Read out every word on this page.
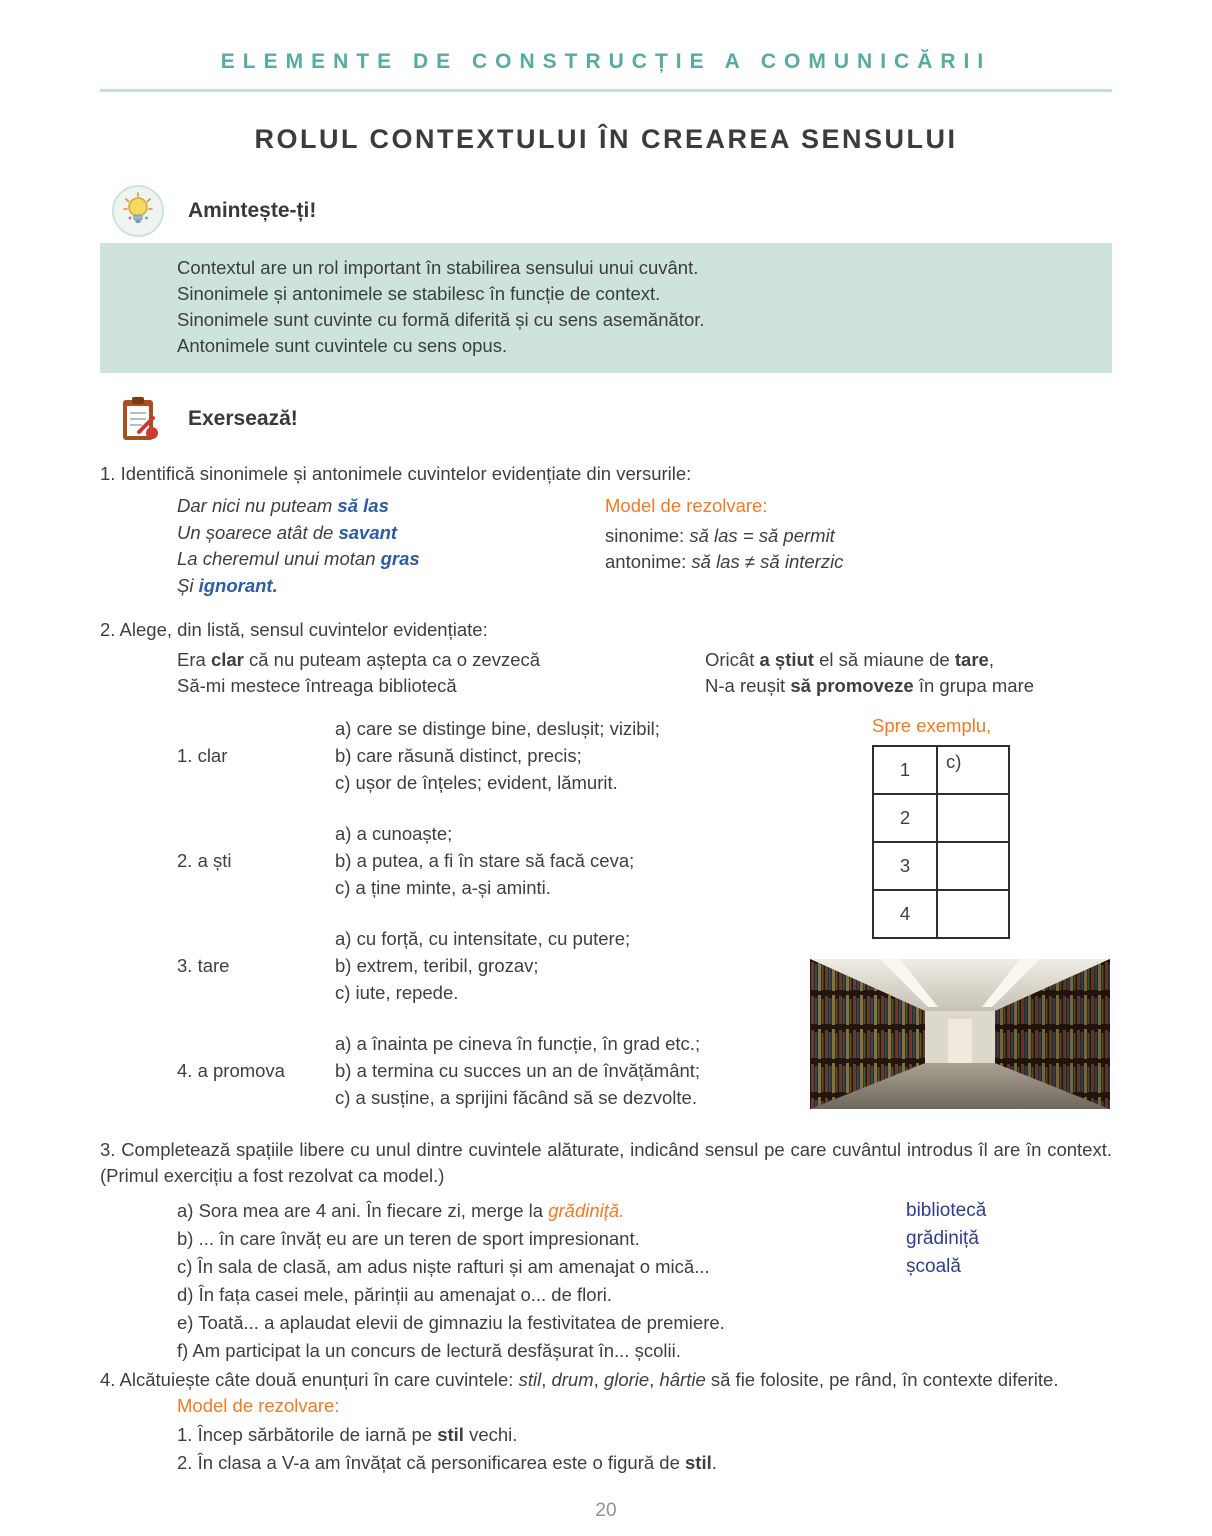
ELEMENTE DE CONSTRUCȚIE A COMUNICĂRII
ROLUL CONTEXTULUI ÎN CREAREA SENSULUI
Amintește-ți!
Contextul are un rol important în stabilirea sensului unui cuvânt.
Sinonimele și antonimele se stabilesc în funcție de context.
Sinonimele sunt cuvinte cu formă diferită și cu sens asemănător.
Antonimele sunt cuvintele cu sens opus.
Exersează!
1. Identifică sinonimele și antonimele cuvintelor evidențiate din versurile:
Dar nici nu puteam să las
Un șoarece atât de savant
La cheremul unui motan gras
Și ignorant.
Model de rezolvare:
sinonime: să las = să permit
antonime: să las ≠ să interzic
2. Alege, din listă, sensul cuvintelor evidențiate:
Era clar că nu puteam aștepta ca o zevzecă
Să-mi mestece întreaga bibliotecă
Oricât a știut el să miaune de tare,
N-a reușit să promoveze în grupa mare
1. clar
a) care se distinge bine, deslușit; vizibil;
b) care răsună distinct, precis;
c) ușor de înțeles; evident, lămurit.
2. a ști
a) a cunoaște;
b) a putea, a fi în stare să facă ceva;
c) a ține minte, a-și aminti.
3. tare
a) cu forță, cu intensitate, cu putere;
b) extrem, teribil, grozav;
c) iute, repede.
4. a promova
a) a înainta pe cineva în funcție, în grad etc.;
b) a termina cu succes un an de învățământ;
c) a susține, a sprijini făcând să se dezvolte.
Spre exemplu,
1	c)
2	
3	
4	
3. Completează spațiile libere cu unul dintre cuvintele alăturate, indicând sensul pe care cuvântul introdus îl are în context. (Primul exercițiu a fost rezolvat ca model.)
a) Sora mea are 4 ani. În fiecare zi, merge la grădiniță.
b) ... în care învăț eu are un teren de sport impresionant.
c) În sala de clasă, am adus niște rafturi și am amenajat o mică...
d) În fața casei mele, părinții au amenajat o... de flori.
e) Toată... a aplaudat elevii de gimnaziu la festivitatea de premiere.
f) Am participat la un concurs de lectură desfășurat în... școlii.
bibliotecă
grădiniță
școală
4. Alcătuiește câte două enunțuri în care cuvintele: stil, drum, glorie, hârtie să fie folosite, pe rând, în contexte diferite.
Model de rezolvare:
1. Încep sărbătorile de iarnă pe stil vechi.
2. În clasa a V-a am învățat că personificarea este o figură de stil.
20
